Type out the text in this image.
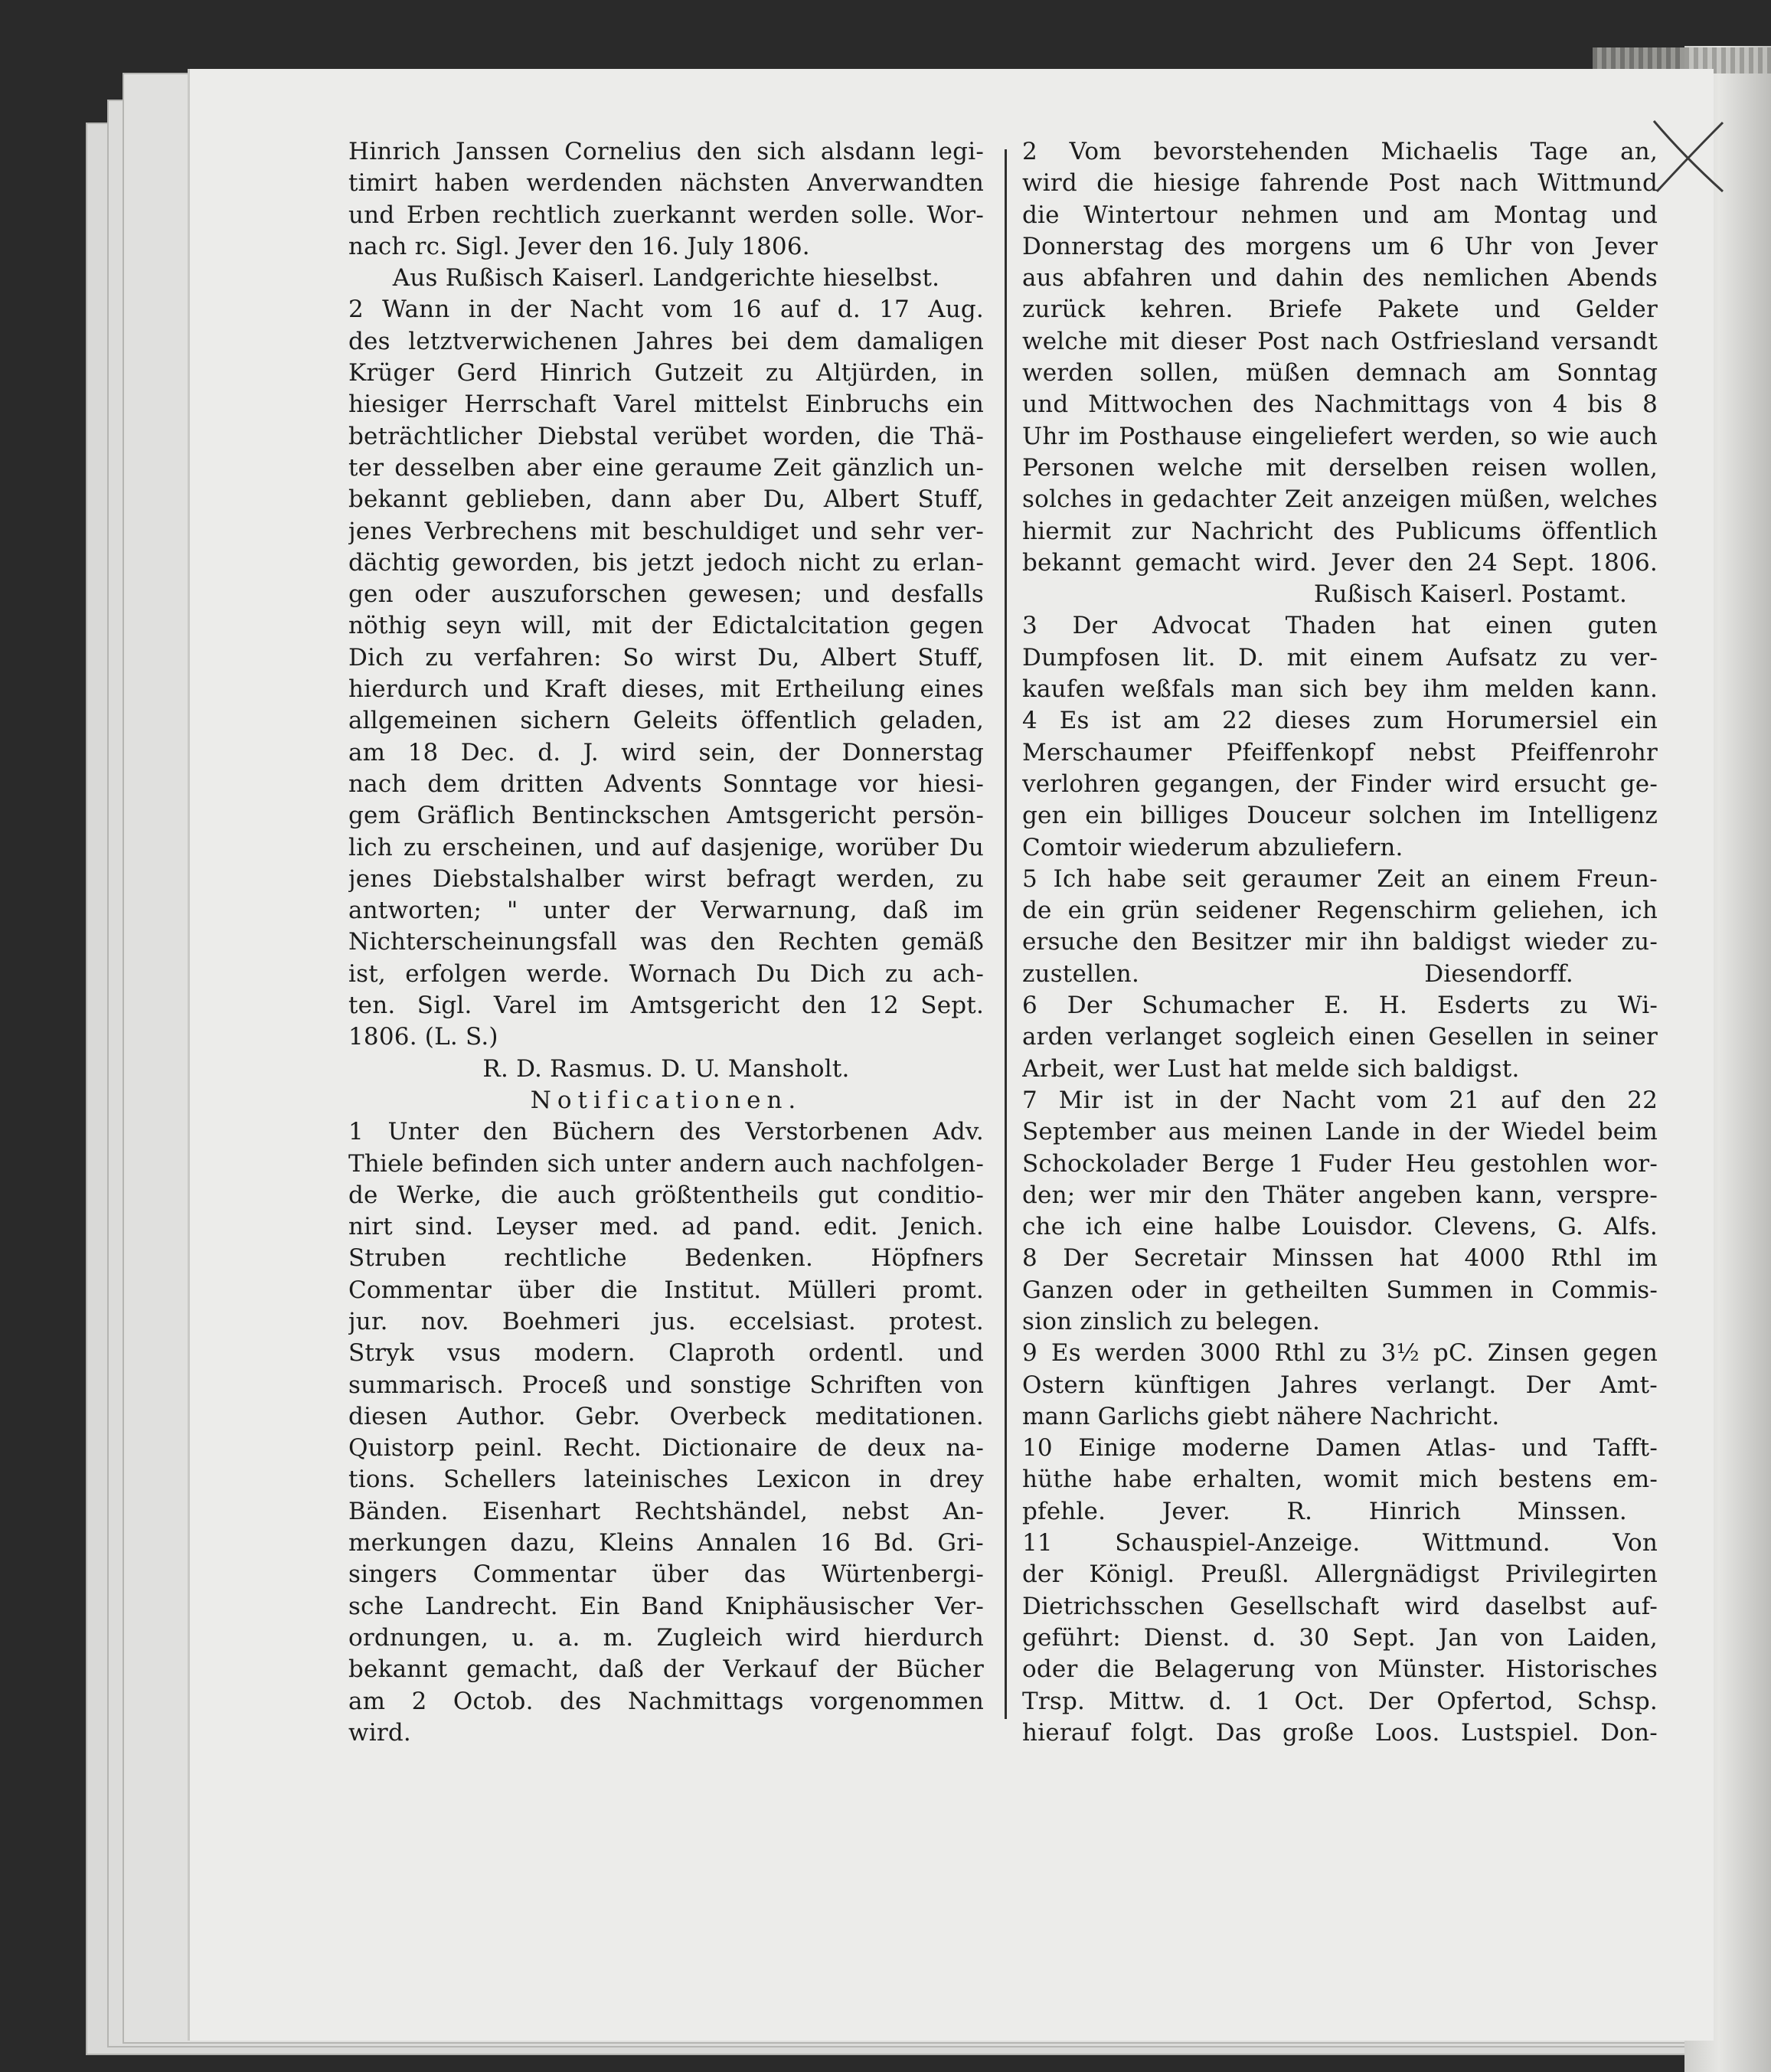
Hinrich Janssen Cornelius den sich alsdann legi-
timirt haben werdenden nächsten Anverwandten
und Erben rechtlich zuerkannt werden solle. Wor-
nach rc. Sigl. Jever den 16. July 1806.
Aus Rußisch Kaiserl. Landgerichte hieselbst.
2 Wann in der Nacht vom 16 auf d. 17 Aug.
des letztverwichenen Jahres bei dem damaligen
Krüger Gerd Hinrich Gutzeit zu Altjürden, in
hiesiger Herrschaft Varel mittelst Einbruchs ein
beträchtlicher Diebstal verübet worden, die Thä-
ter desselben aber eine geraume Zeit gänzlich un-
bekannt geblieben, dann aber Du, Albert Stuff,
jenes Verbrechens mit beschuldiget und sehr ver-
dächtig geworden, bis jetzt jedoch nicht zu erlan-
gen oder auszuforschen gewesen; und desfalls
nöthig seyn will, mit der Edictalcitation gegen
Dich zu verfahren: So wirst Du, Albert Stuff,
hierdurch und Kraft dieses, mit Ertheilung eines
allgemeinen sichern Geleits öffentlich geladen,
am 18 Dec. d. J. wird sein, der Donnerstag
nach dem dritten Advents Sonntage vor hiesi-
gem Gräflich Bentinckschen Amtsgericht persön-
lich zu erscheinen, und auf dasjenige, worüber Du
jenes Diebstalshalber wirst befragt werden, zu
antworten; " unter der Verwarnung, daß im
Nichterscheinungsfall was den Rechten gemäß
ist, erfolgen werde. Wornach Du Dich zu ach-
ten. Sigl. Varel im Amtsgericht den 12 Sept.
1806. (L. S.)
R. D. Rasmus. D. U. Mansholt.
Notificationen.
1 Unter den Büchern des Verstorbenen Adv.
Thiele befinden sich unter andern auch nachfolgen-
de Werke, die auch größtentheils gut conditio-
nirt sind. Leyser med. ad pand. edit. Jenich.
Struben rechtliche Bedenken. Höpfners
Commentar über die Institut. Mülleri promt.
jur. nov. Boehmeri jus. eccelsiast. protest.
Stryk vsus modern. Claproth ordentl. und
summarisch. Proceß und sonstige Schriften von
diesen Author. Gebr. Overbeck meditationen.
Quistorp peinl. Recht. Dictionaire de deux na-
tions. Schellers lateinisches Lexicon in drey
Bänden. Eisenhart Rechtshändel, nebst An-
merkungen dazu, Kleins Annalen 16 Bd. Gri-
singers Commentar über das Würtenbergi-
sche Landrecht. Ein Band Kniphäusischer Ver-
ordnungen, u. a. m. Zugleich wird hierdurch
bekannt gemacht, daß der Verkauf der Bücher
am 2 Octob. des Nachmittags vorgenommen
wird.
2 Vom bevorstehenden Michaelis Tage an,
wird die hiesige fahrende Post nach Wittmund
die Wintertour nehmen und am Montag und
Donnerstag des morgens um 6 Uhr von Jever
aus abfahren und dahin des nemlichen Abends
zurück kehren. Briefe Pakete und Gelder
welche mit dieser Post nach Ostfriesland versandt
werden sollen, müßen demnach am Sonntag
und Mittwochen des Nachmittags von 4 bis 8
Uhr im Posthause eingeliefert werden, so wie auch
Personen welche mit derselben reisen wollen,
solches in gedachter Zeit anzeigen müßen, welches
hiermit zur Nachricht des Publicums öffentlich
bekannt gemacht wird. Jever den 24 Sept. 1806.
Rußisch Kaiserl. Postamt.
3 Der Advocat Thaden hat einen guten
Dumpfosen lit. D. mit einem Aufsatz zu ver-
kaufen weßfals man sich bey ihm melden kann.
4 Es ist am 22 dieses zum Horumersiel ein
Merschaumer Pfeiffenkopf nebst Pfeiffenrohr
verlohren gegangen, der Finder wird ersucht ge-
gen ein billiges Douceur solchen im Intelligenz
Comtoir wiederum abzuliefern.
5 Ich habe seit geraumer Zeit an einem Freun-
de ein grün seidener Regenschirm geliehen, ich
ersuche den Besitzer mir ihn baldigst wieder zu-
zustellen. Diesendorff.
6 Der Schumacher E. H. Esderts zu Wi-
arden verlanget sogleich einen Gesellen in seiner
Arbeit, wer Lust hat melde sich baldigst.
7 Mir ist in der Nacht vom 21 auf den 22
September aus meinen Lande in der Wiedel beim
Schockolader Berge 1 Fuder Heu gestohlen wor-
den; wer mir den Thäter angeben kann, verspre-
che ich eine halbe Louisdor. Clevens, G. Alfs.
8 Der Secretair Minssen hat 4000 Rthl im
Ganzen oder in getheilten Summen in Commis-
sion zinslich zu belegen.
9 Es werden 3000 Rthl zu 3½ pC. Zinsen gegen
Ostern künftigen Jahres verlangt. Der Amt-
mann Garlichs giebt nähere Nachricht.
10 Einige moderne Damen Atlas- und Tafft-
hüthe habe erhalten, womit mich bestens em-
pfehle. Jever. R. Hinrich Minssen.
11 Schauspiel-Anzeige. Wittmund. Von
der Königl. Preußl. Allergnädigst Privilegirten
Dietrichsschen Gesellschaft wird daselbst auf-
geführt: Dienst. d. 30 Sept. Jan von Laiden,
oder die Belagerung von Münster. Historisches
Trsp. Mittw. d. 1 Oct. Der Opfertod, Schsp.
hierauf folgt. Das große Loos. Lustspiel. Don-
